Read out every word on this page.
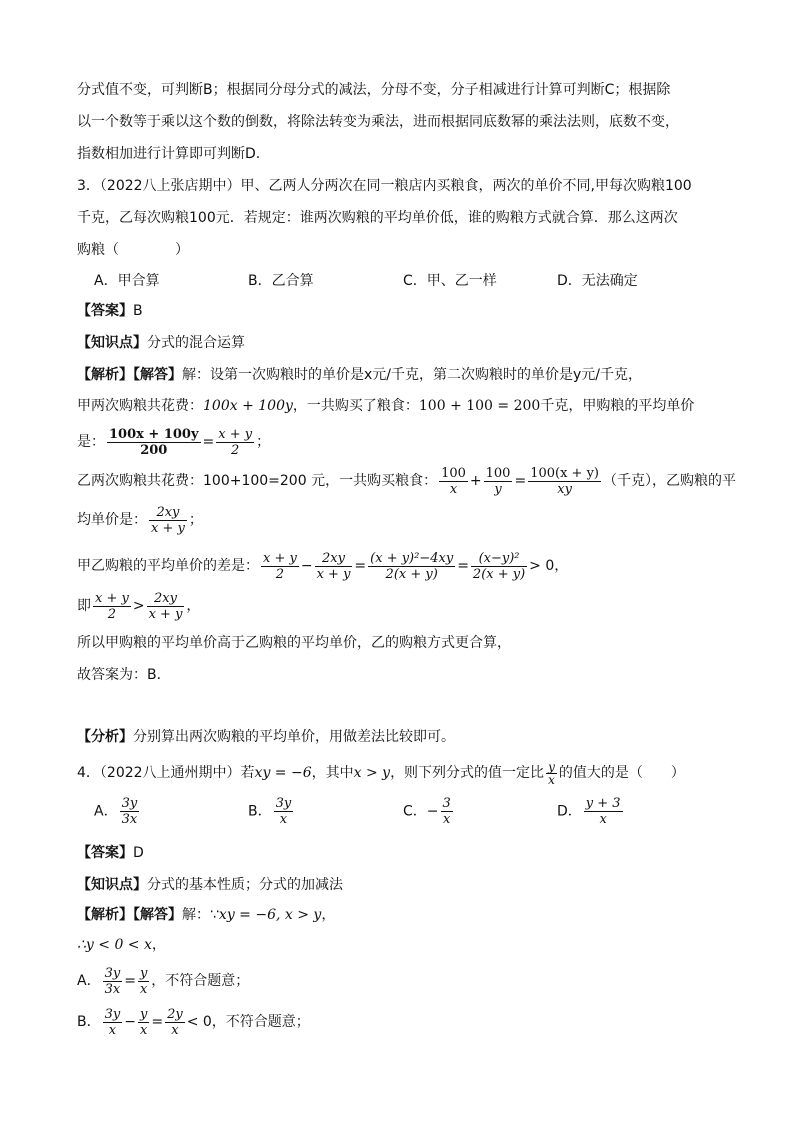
分式值不变，可判断B；根据同分母分式的减法，分母不变，分子相减进行计算可判断C；根据除
以一个数等于乘以这个数的倒数，将除法转变为乘法，进而根据同底数幂的乘法法则，底数不变，
指数相加进行计算即可判断D.
3．（2022八上张店期中）甲、乙两人分两次在同一粮店内买粮食，两次的单价不同,甲每次购粮100
千克，乙每次购粮100元．若规定：谁两次购粮的平均单价低，谁的购粮方式就合算．那么这两次
购粮（　　　　）
A．甲合算	B．乙合算	C．甲、乙一样	D．无法确定
【答案】B
【知识点】分式的混合运算
【解析】【解答】解：设第一次购粮时的单价是x元/千克，第二次购粮时的单价是y元/千克，
甲两次购粮共花费：100x + 100y，一共购买了粮食：100 + 100 = 200千克，甲购粮的平均单价
是： $\frac{100x + 100y}{200} = \frac{x + y}{2}$ ；
乙两次购粮共花费：100+100=200 元，一共购买粮食： $\frac{100}{x} + \frac{100}{y} = \frac{100(x + y)}{xy}$ （千克），乙购粮的平
均单价是： $\frac{2xy}{x + y}$ ；
甲乙购粮的平均单价的差是： $\frac{x + y}{2} - \frac{2xy}{x + y} = \frac{\text{(x + y)²−4xy}}{2(x + y)} = \frac{\text{(x−y)²}}{2(x + y)} > 0$，
即 $\frac{x + y}{2} > \frac{2xy}{x + y}$ ，
所以甲购粮的平均单价高于乙购粮的平均单价，乙的购粮方式更合算，
故答案为：B．
【分析】分别算出两次购粮的平均单价，用做差法比较即可。
4．（2022八上通州期中）若xy = −6，其中x > y，则下列分式的值一定比 $\frac{y}{x}$ 的值大的是（　　）
A． $\frac{3y}{3x}$	B． $\frac{3y}{x}$	C．− $\frac{3}{x}$	D． $\frac{y + 3}{x}$
【答案】D
【知识点】分式的基本性质；分式的加减法
【解析】【解答】解：∵xy = −6, x > y，
∴y < 0 < x，
A． $\frac{3y}{3x} = \frac{y}{x}$ ，不符合题意；
B． $\frac{3y}{x} - \frac{y}{x} = \frac{2y}{x} < 0$，不符合题意；
